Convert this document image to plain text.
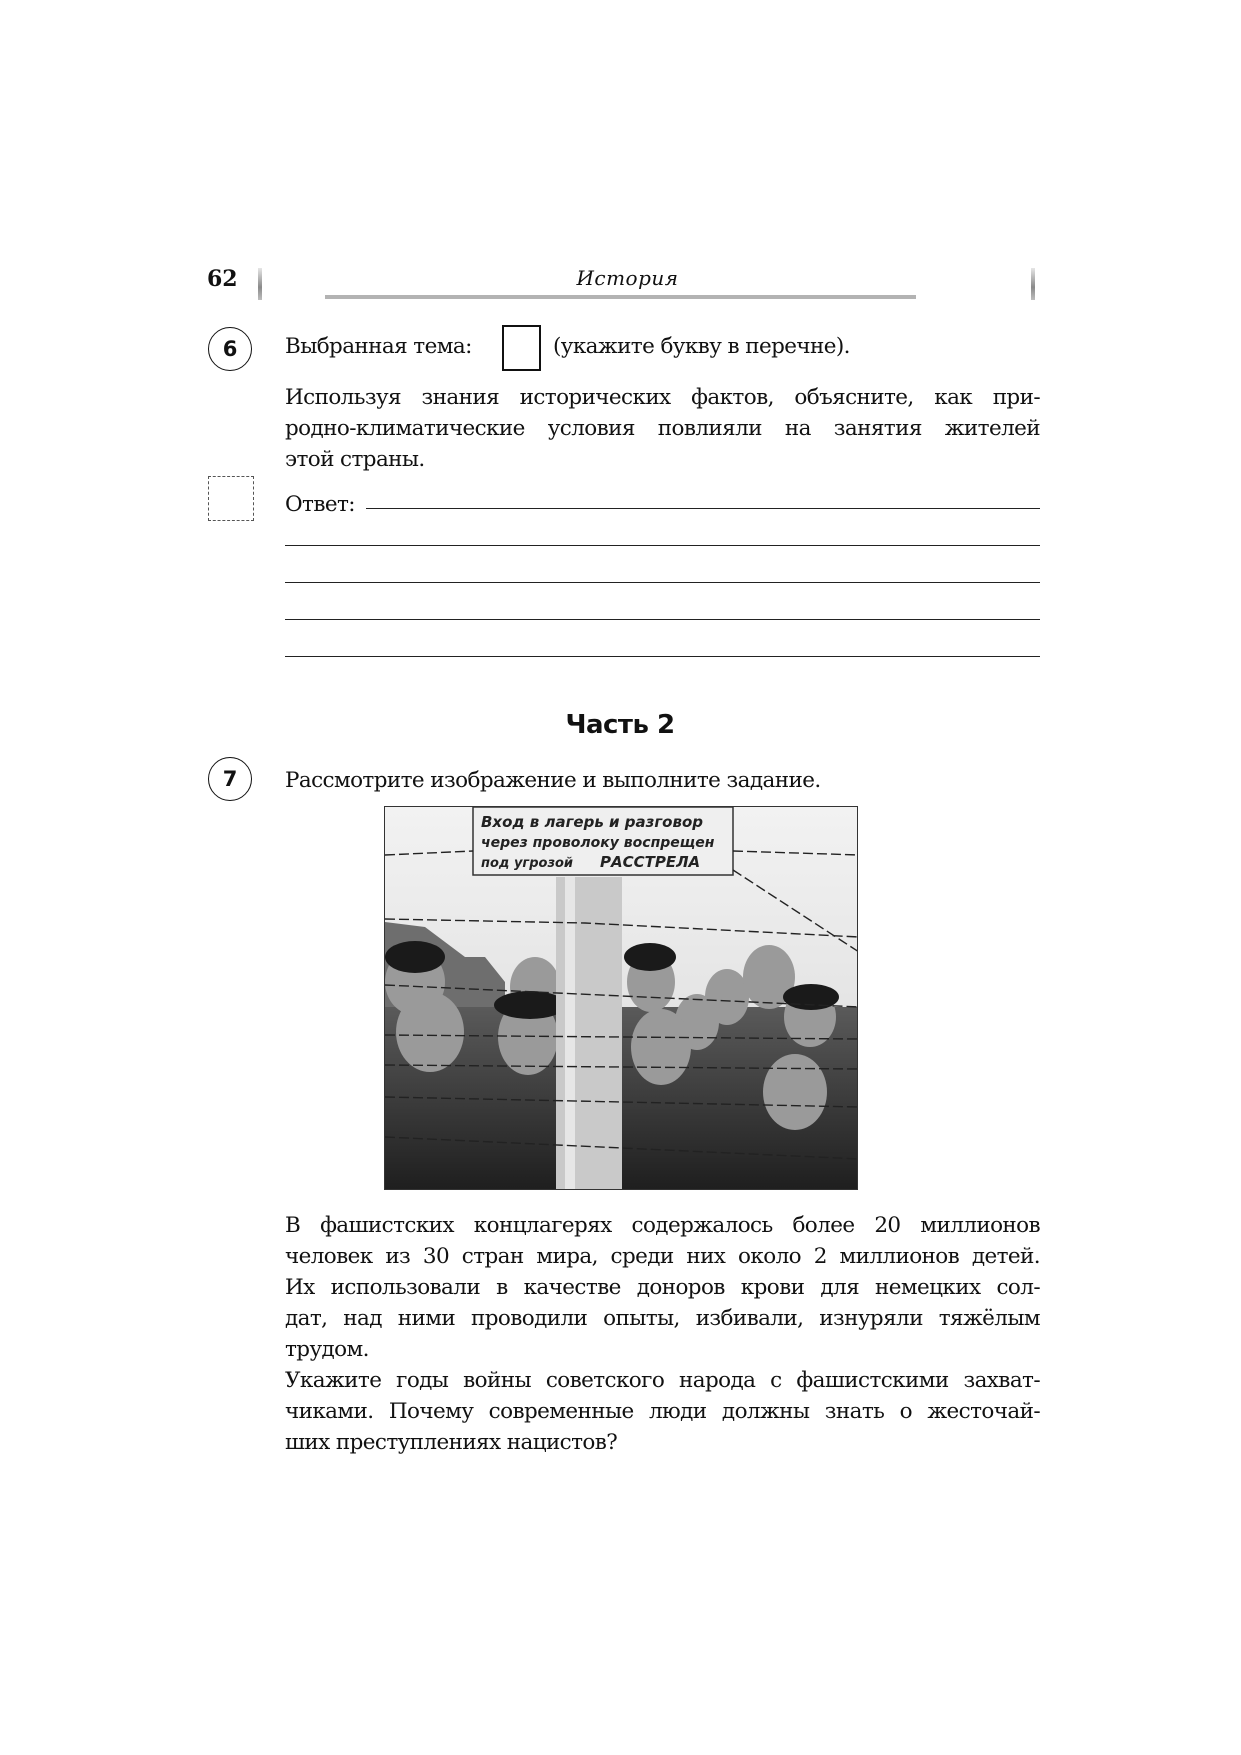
62	История
6	Выбранная тема:	(укажите букву в перечне).
Используя знания исторических фактов, объясните, как при-
родно-климатические условия повлияли на занятия жителей
этой страны.
Ответ:
Часть 2
7	Рассмотрите изображение и выполните задание.
Вход в лагерь и разговор
через проволоку воспрещен
под угрозой РАССТРЕЛА
В фашистских концлагерях содержалось более 20 миллионов
человек из 30 стран мира, среди них около 2 миллионов детей.
Их использовали в качестве доноров крови для немецких сол-
дат, над ними проводили опыты, избивали, изнуряли тяжёлым
трудом.
Укажите годы войны советского народа с фашистскими захват-
чиками. Почему современные люди должны знать о жесточай-
ших преступлениях нацистов?
